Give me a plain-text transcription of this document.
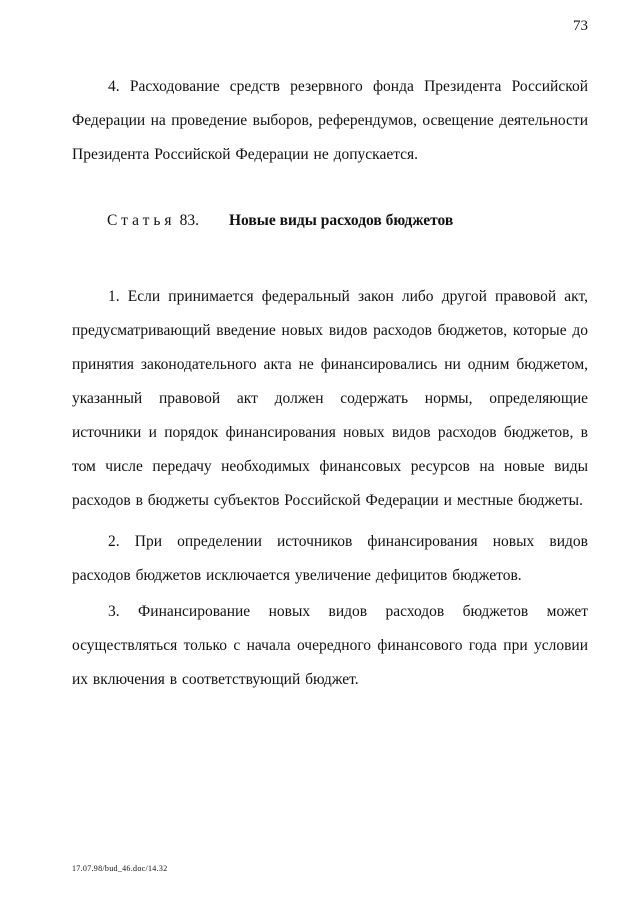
73

4. Расходование средств резервного фонда Президента Российской Федерации на проведение выборов, референдумов, освещение деятельности Президента Российской Федерации не допускается.

Статья 83. Новые виды расходов бюджетов

1. Если принимается федеральный закон либо другой правовой акт, предусматривающий введение новых видов расходов бюджетов, которые до принятия законодательного акта не финансировались ни одним бюджетом, указанный правовой акт должен содержать нормы, определяющие источники и порядок финансирования новых видов расходов бюджетов, в том числе передачу необходимых финансовых ресурсов на новые виды расходов в бюджеты субъектов Российской Федерации и местные бюджеты.

2. При определении источников финансирования новых видов расходов бюджетов исключается увеличение дефицитов бюджетов.

3. Финансирование новых видов расходов бюджетов может осуществляться только с начала очередного финансового года при условии их включения в соответствующий бюджет.

17.07.98/bud_46.doc/14.32
